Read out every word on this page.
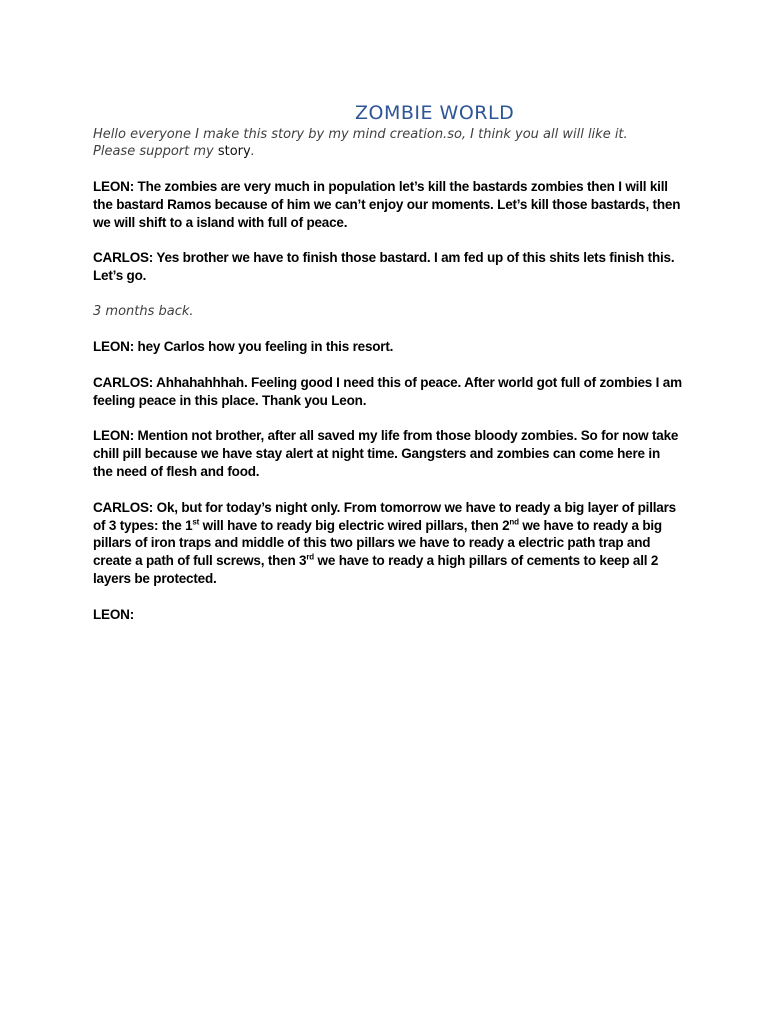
ZOMBIE WORLD
Hello everyone I make this story by my mind creation.so, I think you all will like it.
Please support my story.

LEON: The zombies are very much in population let’s kill the bastards zombies then I will kill the bastard Ramos because of him we can’t enjoy our moments. Let’s kill those bastards, then we will shift to a island with full of peace.

CARLOS: Yes brother we have to finish those bastard. I am fed up of this shits lets finish this. Let’s go.

3 months back.

LEON: hey Carlos how you feeling in this resort.

CARLOS: Ahhahahhhah. Feeling good I need this of peace. After world got full of zombies I am feeling peace in this place. Thank you Leon.

LEON: Mention not brother, after all saved my life from those bloody zombies. So for now take chill pill because we have stay alert at night time. Gangsters and zombies can come here in the need of flesh and food.

CARLOS: Ok, but for today’s night only. From tomorrow we have to ready a big layer of pillars of 3 types: the 1st will have to ready big electric wired pillars, then 2nd we have to ready a big pillars of iron traps and middle of this two pillars we have to ready a electric path trap and create a path of full screws, then 3rd we have to ready a high pillars of cements to keep all 2 layers be protected.

LEON:
